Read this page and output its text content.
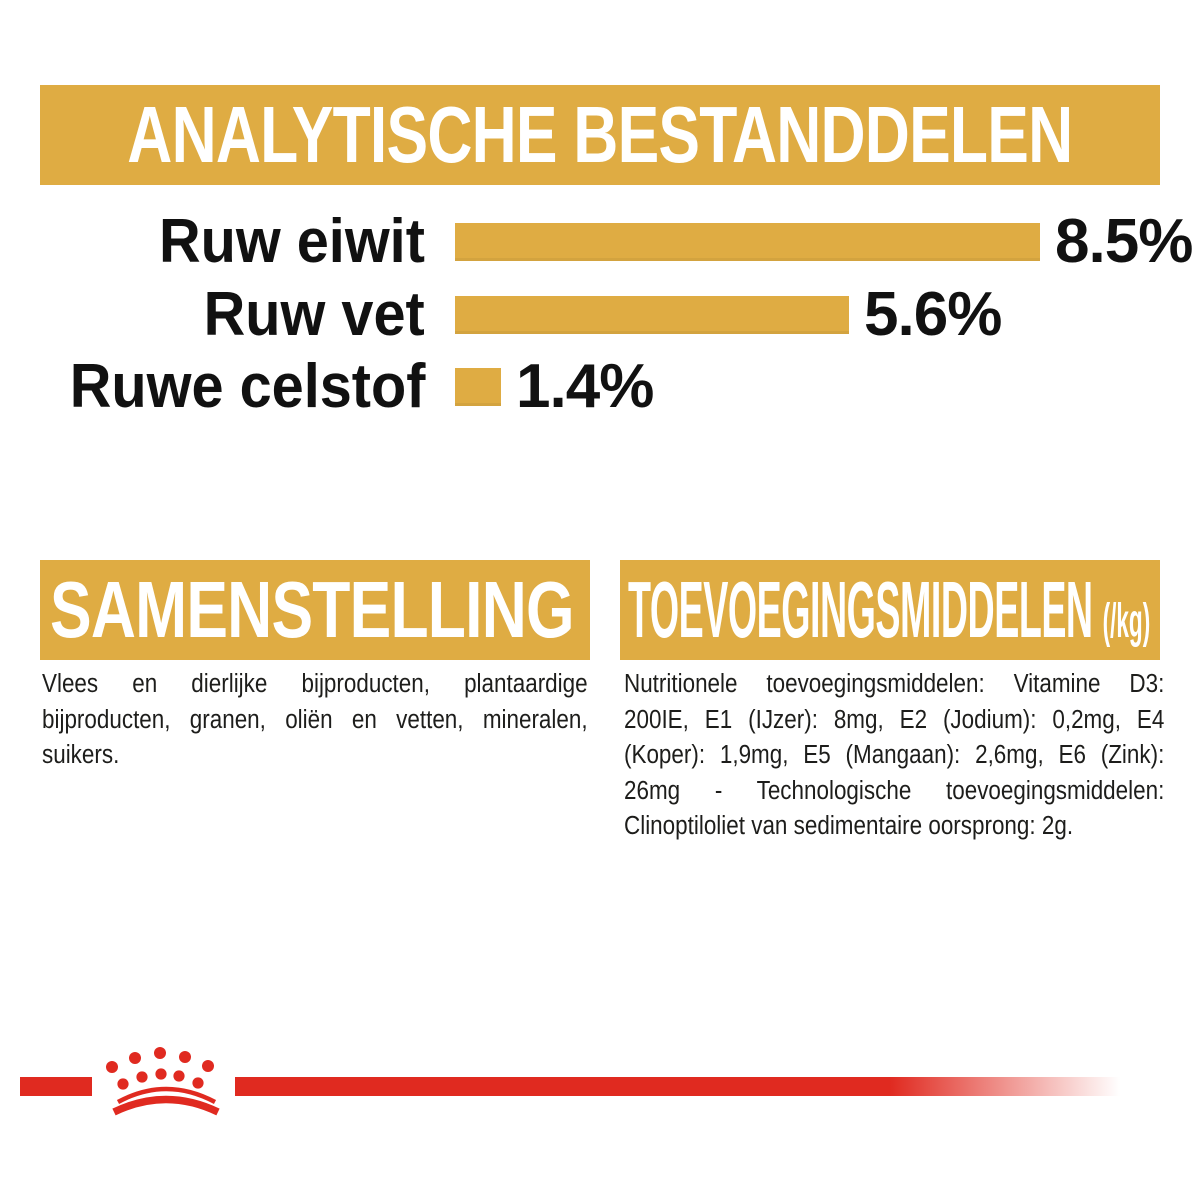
ANALYTISCHE BESTANDDELEN
Ruw eiwit	8.5%
Ruw vet	5.6%
Ruwe celstof 1.4%
SAMENSTELLING
Vlees en dierlijke bijproducten, plantaardige
bijproducten, granen, oliën en vetten, mineralen,
suikers.
TOEVOEGINGSMIDDELEN (/kg)
Nutritionele toevoegingsmiddelen: Vitamine D3:
200IE, E1 (IJzer): 8mg, E2 (Jodium): 0,2mg, E4
(Koper): 1,9mg, E5 (Mangaan): 2,6mg, E6 (Zink):
26mg - Technologische toevoegingsmiddelen:
Clinoptiloliet van sedimentaire oorsprong: 2g.
